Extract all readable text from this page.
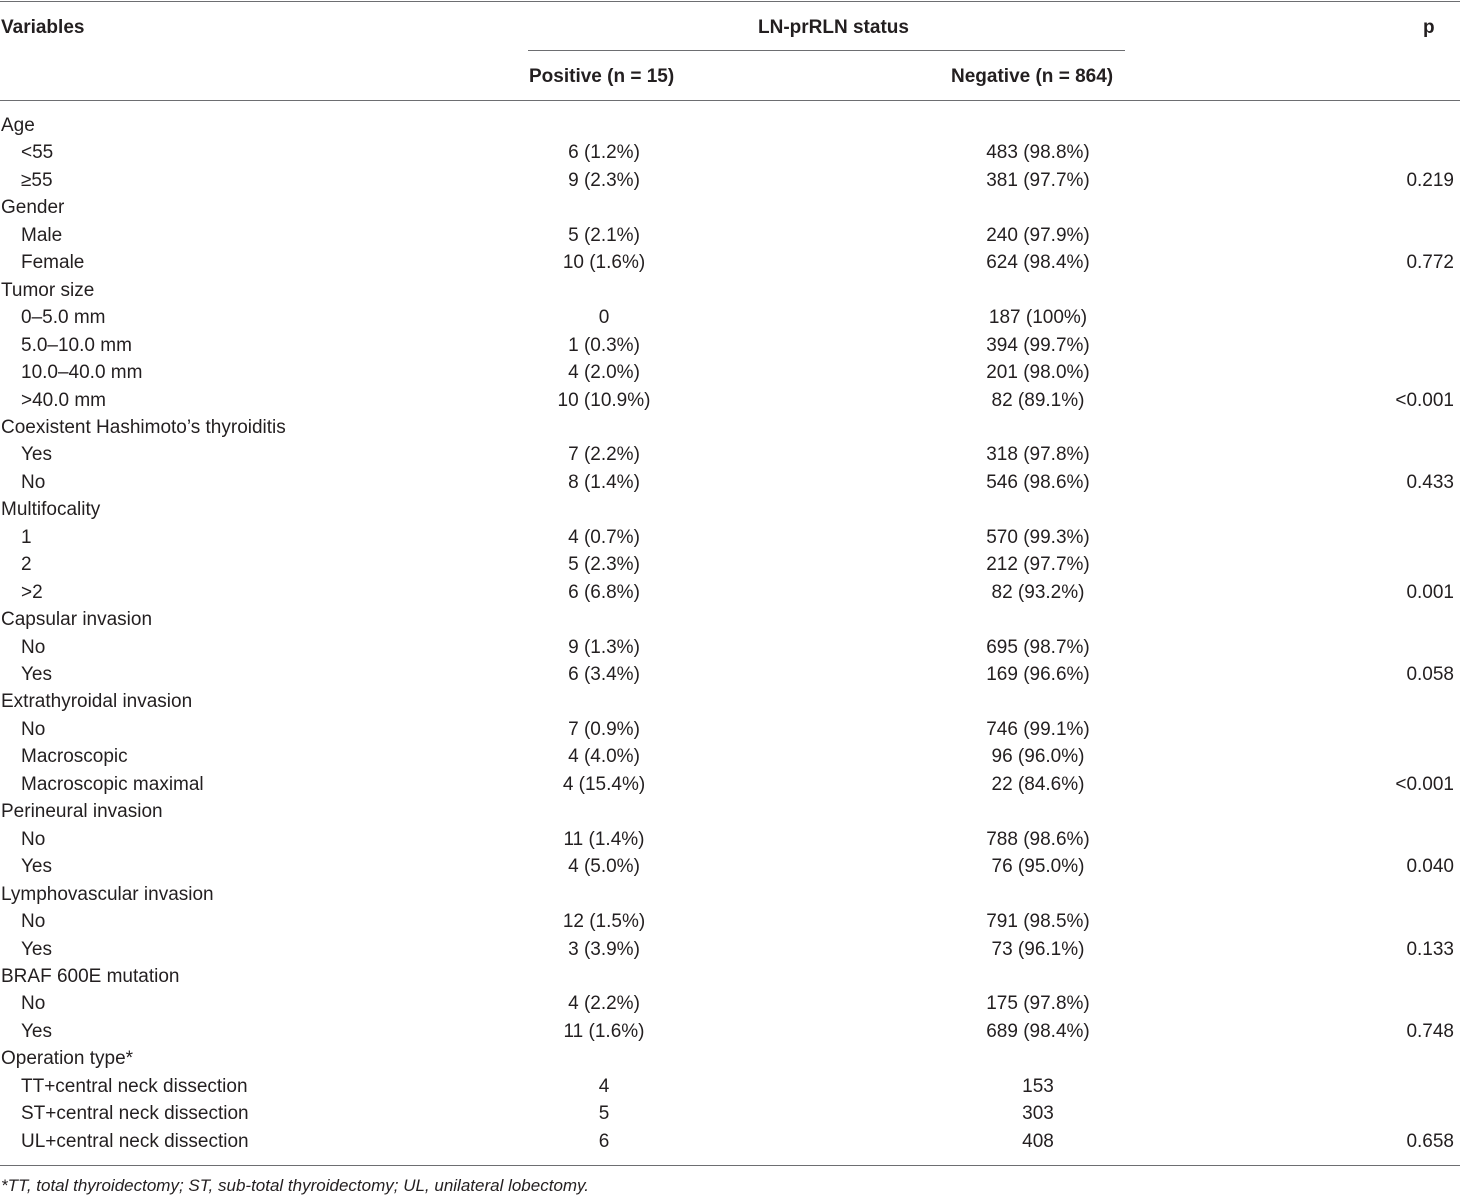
Variables	LN-prRLN status	p
Positive (n = 15)	Negative (n = 864)
Age
<55	6 (1.2%)	483 (98.8%)
≥55	9 (2.3%)	381 (97.7%)	0.219
Gender
Male	5 (2.1%)	240 (97.9%)
Female	10 (1.6%)	624 (98.4%)	0.772
Tumor size
0–5.0 mm	0	187 (100%)
5.0–10.0 mm	1 (0.3%)	394 (99.7%)
10.0–40.0 mm	4 (2.0%)	201 (98.0%)
>40.0 mm	10 (10.9%)	82 (89.1%)	<0.001
Coexistent Hashimoto’s thyroiditis
Yes	7 (2.2%)	318 (97.8%)
No	8 (1.4%)	546 (98.6%)	0.433
Multifocality
1	4 (0.7%)	570 (99.3%)
2	5 (2.3%)	212 (97.7%)
>2	6 (6.8%)	82 (93.2%)	0.001
Capsular invasion
No	9 (1.3%)	695 (98.7%)
Yes	6 (3.4%)	169 (96.6%)	0.058
Extrathyroidal invasion
No	7 (0.9%)	746 (99.1%)
Macroscopic	4 (4.0%)	96 (96.0%)
Macroscopic maximal	4 (15.4%)	22 (84.6%)	<0.001
Perineural invasion
No	11 (1.4%)	788 (98.6%)
Yes	4 (5.0%)	76 (95.0%)	0.040
Lymphovascular invasion
No	12 (1.5%)	791 (98.5%)
Yes	3 (3.9%)	73 (96.1%)	0.133
BRAF 600E mutation
No	4 (2.2%)	175 (97.8%)
Yes	11 (1.6%)	689 (98.4%)	0.748
Operation type*
TT+central neck dissection	4	153
ST+central neck dissection	5	303
UL+central neck dissection	6	408	0.658
*TT, total thyroidectomy; ST, sub-total thyroidectomy; UL, unilateral lobectomy.
